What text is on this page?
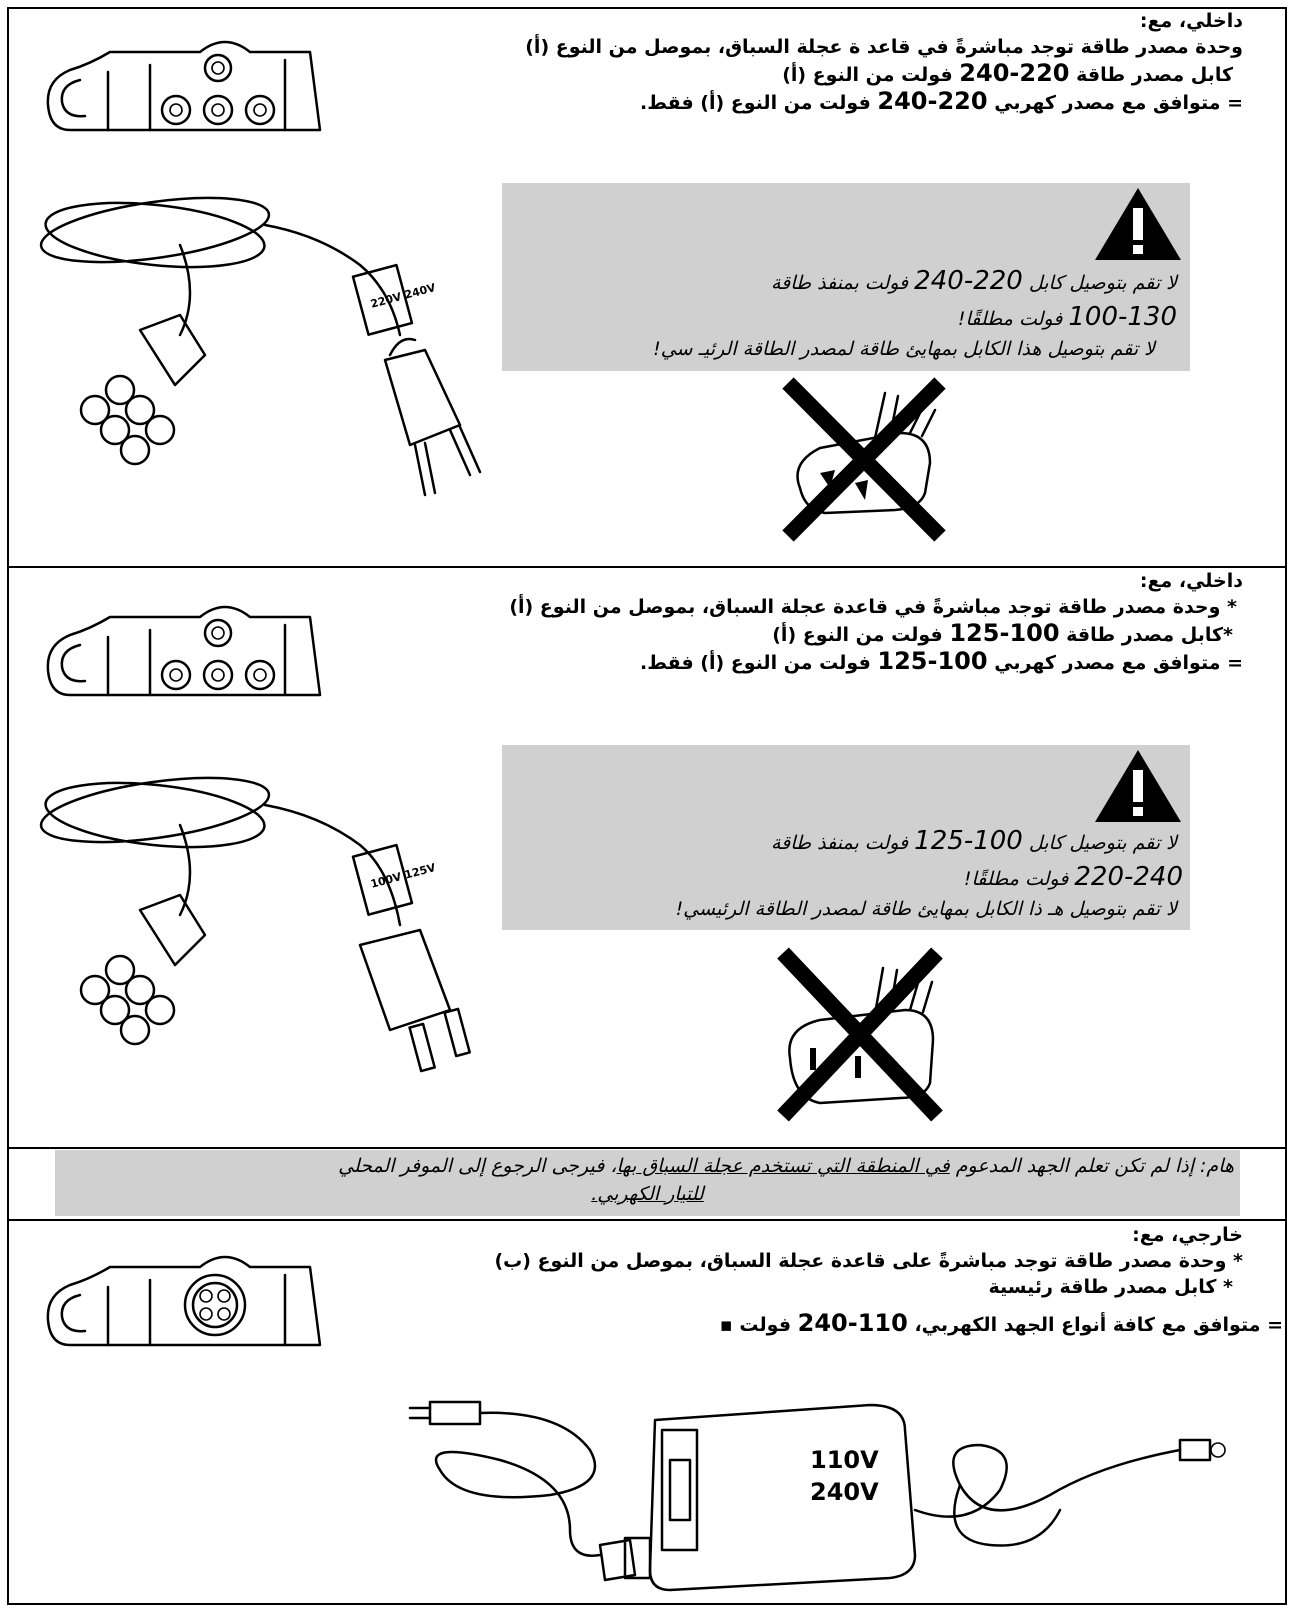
داخلي، مع:
وحدة مصدر طاقة توجد مباشرةً في قاعد ة عجلة السباق، بموصل من النوع (أ)
كابل مصدر طاقة 220-240 فولت من النوع (أ)
= متوافق مع مصدر كهربي 220-240 فولت من النوع (أ) فقط.
220V 240V	لا تقم بتوصيل كابل 220-240 فولت بمنفذ طاقة
100-130 فولت مطلقًا!
لا تقم بتوصيل هذا الكابل بمهايئ طاقة لمصدر الطاقة الرئيـ سي!
داخلي، مع:
* وحدة مصدر طاقة توجد مباشرةً في قاعدة عجلة السباق، بموصل من النوع (أ)
*كابل مصدر طاقة 100-125 فولت من النوع (أ)
= متوافق مع مصدر كهربي 100-125 فولت من النوع (أ) فقط.
100V 125V
لا تقم بتوصيل كابل 100-125 فولت بمنفذ طاقة
220-240 فولت مطلقًا!
لا تقم بتوصيل هـ ذا الكابل بمهايئ طاقة لمصدر الطاقة الرئيسي!
هام: إذا لم تكن تعلم الجهد المدعوم في المنطقة التي تستخدم عجلة السباق بها، فيرجى الرجوع إلى الموفر المحلي
للتيار الكهربي.
خارجي، مع:
* وحدة مصدر طاقة توجد مباشرةً على قاعدة عجلة السباق، بموصل من النوع (ب)
* كابل مصدر طاقة رئيسية
= متوافق مع كافة أنواع الجهد الكهربي، 110-240 فولت ▪
110V
240V
